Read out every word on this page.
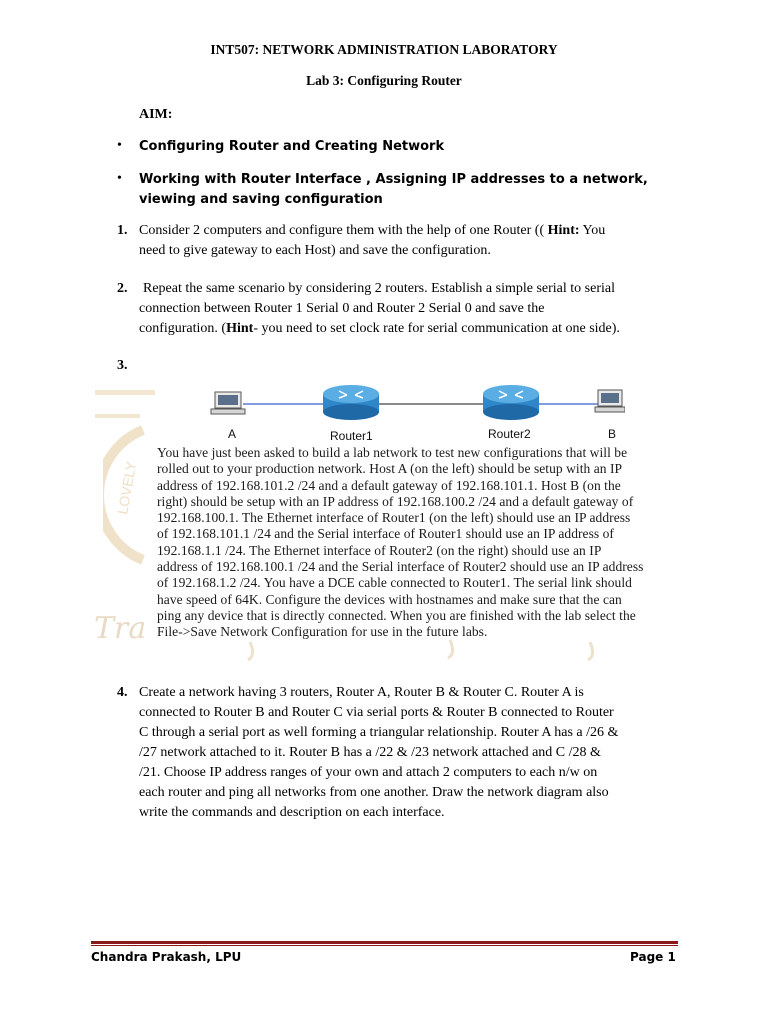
INT507: NETWORK ADMINISTRATION LABORATORY
Lab 3: Configuring Router
AIM:
• Configuring Router and Creating Network
• Working with Router Interface , Assigning IP addresses to a network,
viewing and saving configuration
1. Consider 2 computers and configure them with the help of one Router (( Hint: You
need to give gateway to each Host) and save the configuration.
2. Repeat the same scenario by considering 2 routers. Establish a simple serial to serial
connection between Router 1 Serial 0 and Router 2 Serial 0 and save the
configuration. (Hint- you need to set clock rate for serial communication at one side).
3.
LOVELY
Tra
A	Router1	Router2	B
You have just been asked to build a lab network to test new configurations that will be
rolled out to your production network. Host A (on the left) should be setup with an IP
address of 192.168.101.2 /24 and a default gateway of 192.168.101.1. Host B (on the
right) should be setup with an IP address of 192.168.100.2 /24 and a default gateway of
192.168.100.1. The Ethernet interface of Router1 (on the left) should use an IP address
of 192.168.101.1 /24 and the Serial interface of Router1 should use an IP address of
192.168.1.1 /24. The Ethernet interface of Router2 (on the right) should use an IP
address of 192.168.100.1 /24 and the Serial interface of Router2 should use an IP address
of 192.168.1.2 /24. You have a DCE cable connected to Router1. The serial link should
have speed of 64K. Configure the devices with hostnames and make sure that the can
ping any device that is directly connected. When you are finished with the lab select the
File->Save Network Configuration for use in the future labs.
4. Create a network having 3 routers, Router A, Router B & Router C. Router A is
connected to Router B and Router C via serial ports & Router B connected to Router
C through a serial port as well forming a triangular relationship. Router A has a /26 &
/27 network attached to it. Router B has a /22 & /23 network attached and C /28 &
/21. Choose IP address ranges of your own and attach 2 computers to each n/w on
each router and ping all networks from one another. Draw the network diagram also
write the commands and description on each interface.
Chandra Prakash, LPU	Page 1
